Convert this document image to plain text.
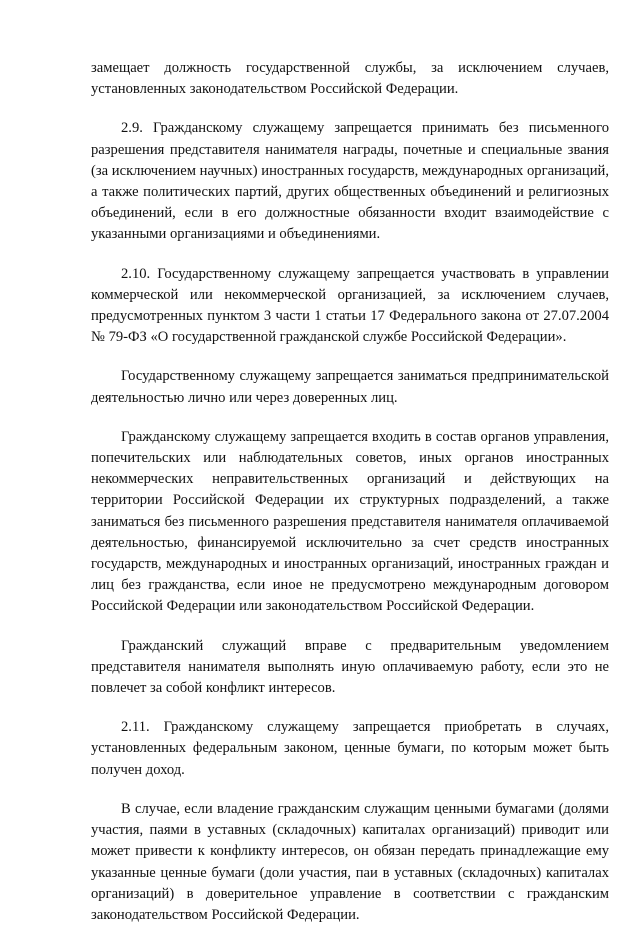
замещает должность государственной службы, за исключением случаев, установленных законодательством Российской Федерации.

2.9. Гражданскому служащему запрещается принимать без письменного разрешения представителя нанимателя награды, почетные и специальные звания (за исключением научных) иностранных государств, международных организаций, а также политических партий, других общественных объединений и религиозных объединений, если в его должностные обязанности входит взаимодействие с указанными организациями и объединениями.

2.10. Государственному служащему запрещается участвовать в управлении коммерческой или некоммерческой организацией, за исключением случаев, предусмотренных пунктом 3 части 1 статьи 17 Федерального закона от 27.07.2004 № 79-ФЗ «О государственной гражданской службе Российской Федерации».

Государственному служащему запрещается заниматься предпринимательской деятельностью лично или через доверенных лиц.

Гражданскому служащему запрещается входить в состав органов управления, попечительских или наблюдательных советов, иных органов иностранных некоммерческих неправительственных организаций и действующих на территории Российской Федерации их структурных подразделений, а также заниматься без письменного разрешения представителя нанимателя оплачиваемой деятельностью, финансируемой исключительно за счет средств иностранных государств, международных и иностранных организаций, иностранных граждан и лиц без гражданства, если иное не предусмотрено международным договором Российской Федерации или законодательством Российской Федерации.

Гражданский служащий вправе с предварительным уведомлением представителя нанимателя выполнять иную оплачиваемую работу, если это не повлечет за собой конфликт интересов.

2.11. Гражданскому служащему запрещается приобретать в случаях, установленных федеральным законом, ценные бумаги, по которым может быть получен доход.

В случае, если владение гражданским служащим ценными бумагами (долями участия, паями в уставных (складочных) капиталах организаций) приводит или может привести к конфликту интересов, он обязан передать принадлежащие ему указанные ценные бумаги (доли участия, паи в уставных (складочных) капиталах организаций) в доверительное управление в соответствии с гражданским законодательством Российской Федерации.
